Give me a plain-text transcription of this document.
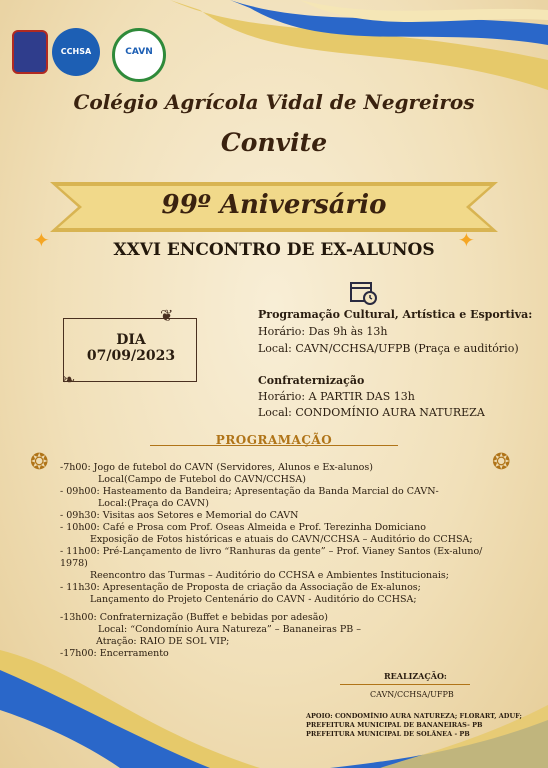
CCHSA	CAVN
Colégio Agrícola Vidal de Negreiros
Convite
99º Aniversário
✦	✦
XXVI ENCONTRO DE EX-ALUNOS
❦
❧
DIA
07/09/2023
Programação Cultural, Artística e Esportiva:
Horário: Das 9h às 13h
Local: CAVN/CCHSA/UFPB (Praça e auditório)
Confraternização
Horário: A PARTIR DAS 13h
Local: CONDOMÍNIO AURA NATUREZA
PROGRAMAÇÃO
❂	❂
-7h00: Jogo de futebol do CAVN (Servidores, Alunos e Ex-alunos)
Local(Campo de Futebol do CAVN/CCHSA)
- 09h00: Hasteamento da Bandeira; Apresentação da Banda Marcial do CAVN-
Local:(Praça do CAVN)
- 09h30: Visitas aos Setores e Memorial do CAVN
- 10h00: Café e Prosa com Prof. Oseas Almeida e Prof. Terezinha Domiciano
Exposição de Fotos históricas e atuais do CAVN/CCHSA – Auditório do CCHSA;
- 11h00: Pré-Lançamento de livro “Ranhuras da gente” – Prof. Vianey Santos (Ex-aluno/
1978)
Reencontro das Turmas – Auditório do CCHSA e Ambientes Institucionais;
- 11h30: Apresentação de Proposta de criação da Associação de Ex-alunos;
Lançamento do Projeto Centenário do CAVN - Auditório do CCHSA;
-13h00: Confraternização (Buffet e bebidas por adesão)
Local: “Condomínio Aura Natureza” – Bananeiras PB –
Atração: RAIO DE SOL VIP;
-17h00: Encerramento
REALIZAÇÃO:
CAVN/CCHSA/UFPB
APOIO: CONDOMÍNIO AURA NATUREZA; FLORART, ADUF;
PREFEITURA MUNICIPAL DE BANANEIRAS- PB
PREFEITURA MUNICIPAL DE SOLÂNEA - PB
